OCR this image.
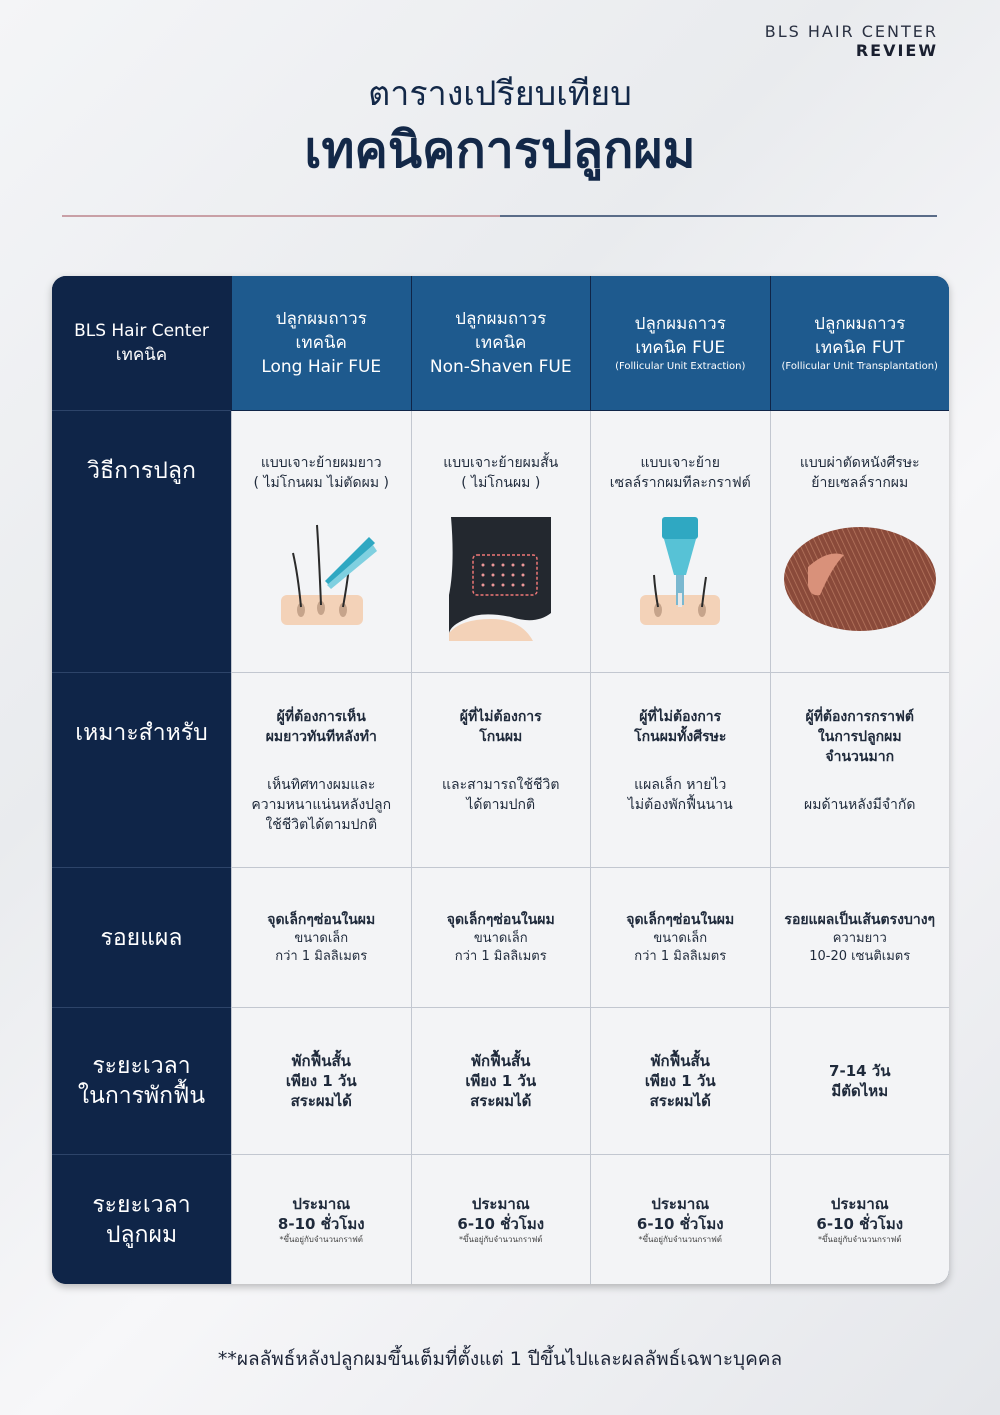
BLS HAIR CENTER
REVIEW
ตารางเปรียบเทียบ
เทคนิคการปลูกผม
BLS Hair Center
เทคนิค
ปลูกผมถาวร
เทคนิค
Long Hair FUE
ปลูกผมถาวร
เทคนิค
Non-Shaven FUE
ปลูกผมถาวร
เทคนิค FUE
(Follicular Unit Extraction)
ปลูกผมถาวร
เทคนิค FUT
(Follicular Unit Transplantation)
วิธีการปลูก	แบบเจาะย้ายผมยาว
( ไม่โกนผม ไม่ตัดผม )
แบบเจาะย้ายผมสั้น
( ไม่โกนผม )
แบบเจาะย้าย
เซลล์รากผมทีละกราฟต์
แบบผ่าตัดหนังศีรษะ
ย้ายเซลล์รากผม
เหมาะสำหรับ
ผู้ที่ต้องการเห็น
ผมยาวทันทีหลังทำ
เห็นทิศทางผมและ
ความหนาแน่นหลังปลูก
ใช้ชีวิตได้ตามปกติ
ผู้ที่ไม่ต้องการ
โกนผม
และสามารถใช้ชีวิต
ได้ตามปกติ
ผู้ที่ไม่ต้องการ
โกนผมทั้งศีรษะ
แผลเล็ก หายไว
ไม่ต้องพักฟื้นนาน
ผู้ที่ต้องการกราฟต์
ในการปลูกผม
จำนวนมาก
ผมด้านหลังมีจำกัด
รอยแผล
จุดเล็กๆซ่อนในผม
ขนาดเล็ก
กว่า 1 มิลลิเมตร
จุดเล็กๆซ่อนในผม
ขนาดเล็ก
กว่า 1 มิลลิเมตร
จุดเล็กๆซ่อนในผม
ขนาดเล็ก
กว่า 1 มิลลิเมตร
รอยแผลเป็นเส้นตรงบางๆ
ความยาว
10-20 เซนติเมตร
ระยะเวลา
ในการพักฟื้น
พักฟื้นสั้น
เพียง 1 วัน
สระผมได้
พักฟื้นสั้น
เพียง 1 วัน
สระผมได้
พักฟื้นสั้น
เพียง 1 วัน
สระผมได้
7-14 วัน
มีตัดไหม
ระยะเวลา
ปลูกผม
ประมาณ
8-10 ชั่วโมง
*ขึ้นอยู่กับจำนวนกราฟต์
ประมาณ
6-10 ชั่วโมง
*ขึ้นอยู่กับจำนวนกราฟต์
ประมาณ
6-10 ชั่วโมง
*ขึ้นอยู่กับจำนวนกราฟต์
ประมาณ
6-10 ชั่วโมง
*ขึ้นอยู่กับจำนวนกราฟต์
**ผลลัพธ์หลังปลูกผมขึ้นเต็มที่ตั้งแต่ 1 ปีขึ้นไปและผลลัพธ์เฉพาะบุคคล
